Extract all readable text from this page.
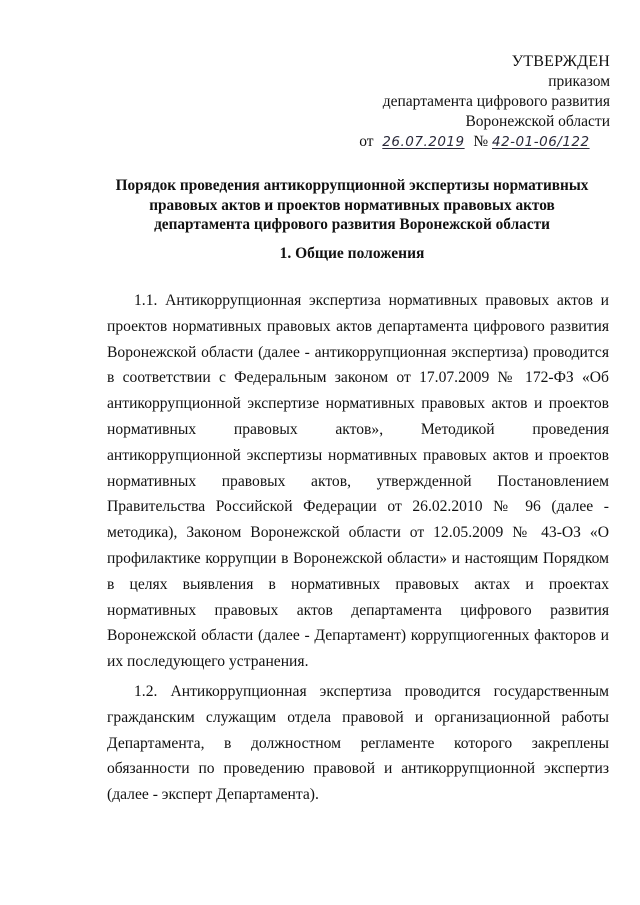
УТВЕРЖДЕН
приказом
департамента цифрового развития
Воронежской области
от 26.07.2019 № 42-01-06/122
Порядок проведения антикоррупционной экспертизы нормативных правовых актов и проектов нормативных правовых актов департамента цифрового развития Воронежской области
1. Общие положения

1.1. Антикоррупционная экспертиза нормативных правовых актов и проектов нормативных правовых актов департамента цифрового развития Воронежской области (далее - антикоррупционная экспертиза) проводится в соответствии с Федеральным законом от 17.07.2009 № 172-ФЗ «Об антикоррупционной экспертизе нормативных правовых актов и проектов нормативных правовых актов», Методикой проведения антикоррупционной экспертизы нормативных правовых актов и проектов нормативных правовых актов, утвержденной Постановлением Правительства Российской Федерации от 26.02.2010 № 96 (далее - методика), Законом Воронежской области от 12.05.2009 № 43-ОЗ «О профилактике коррупции в Воронежской области» и настоящим Порядком в целях выявления в нормативных правовых актах и проектах нормативных правовых актов департамента цифрового развития Воронежской области (далее - Департамент) коррупциогенных факторов и их последующего устранения.

1.2. Антикоррупционная экспертиза проводится государственным гражданским служащим отдела правовой и организационной работы Департамента, в должностном регламенте которого закреплены обязанности по проведению правовой и антикоррупционной экспертиз (далее - эксперт Департамента).
